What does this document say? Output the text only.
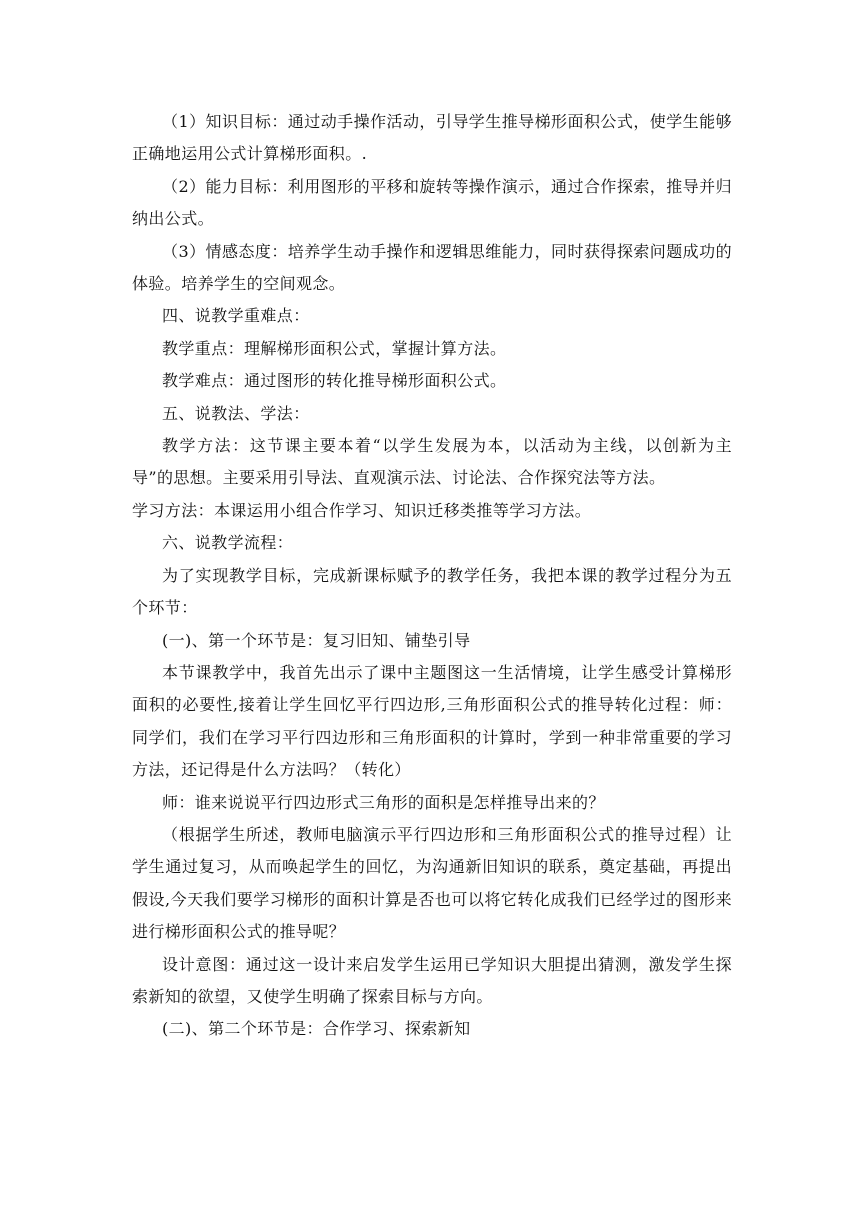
（1）知识目标：通过动手操作活动，引导学生推导梯形面积公式，使学生能够正确地运用公式计算梯形面积。.

（2）能力目标：利用图形的平移和旋转等操作演示，通过合作探索，推导并归纳出公式。

（3）情感态度：培养学生动手操作和逻辑思维能力，同时获得探索问题成功的体验。培养学生的空间观念。

四、说教学重难点：

教学重点：理解梯形面积公式，掌握计算方法。

教学难点：通过图形的转化推导梯形面积公式。

五、说教法、学法：

教学方法：这节课主要本着“以学生发展为本，以活动为主线，以创新为主导”的思想。主要采用引导法、直观演示法、讨论法、合作探究法等方法。

学习方法：本课运用小组合作学习、知识迁移类推等学习方法。

六、说教学流程：

为了实现教学目标，完成新课标赋予的教学任务，我把本课的教学过程分为五个环节：

(一)、第一个环节是：复习旧知、铺垫引导

本节课教学中，我首先出示了课中主题图这一生活情境，让学生感受计算梯形面积的必要性,接着让学生回忆平行四边形,三角形面积公式的推导转化过程：师：同学们，我们在学习平行四边形和三角形面积的计算时，学到一种非常重要的学习方法，还记得是什么方法吗？（转化）

师：谁来说说平行四边形式三角形的面积是怎样推导出来的？

（根据学生所述，教师电脑演示平行四边形和三角形面积公式的推导过程）让学生通过复习，从而唤起学生的回忆，为沟通新旧知识的联系，奠定基础，再提出假设,今天我们要学习梯形的面积计算是否也可以将它转化成我们已经学过的图形来进行梯形面积公式的推导呢？

设计意图：通过这一设计来启发学生运用已学知识大胆提出猜测，激发学生探索新知的欲望，又使学生明确了探索目标与方向。

(二)、第二个环节是：合作学习、探索新知
